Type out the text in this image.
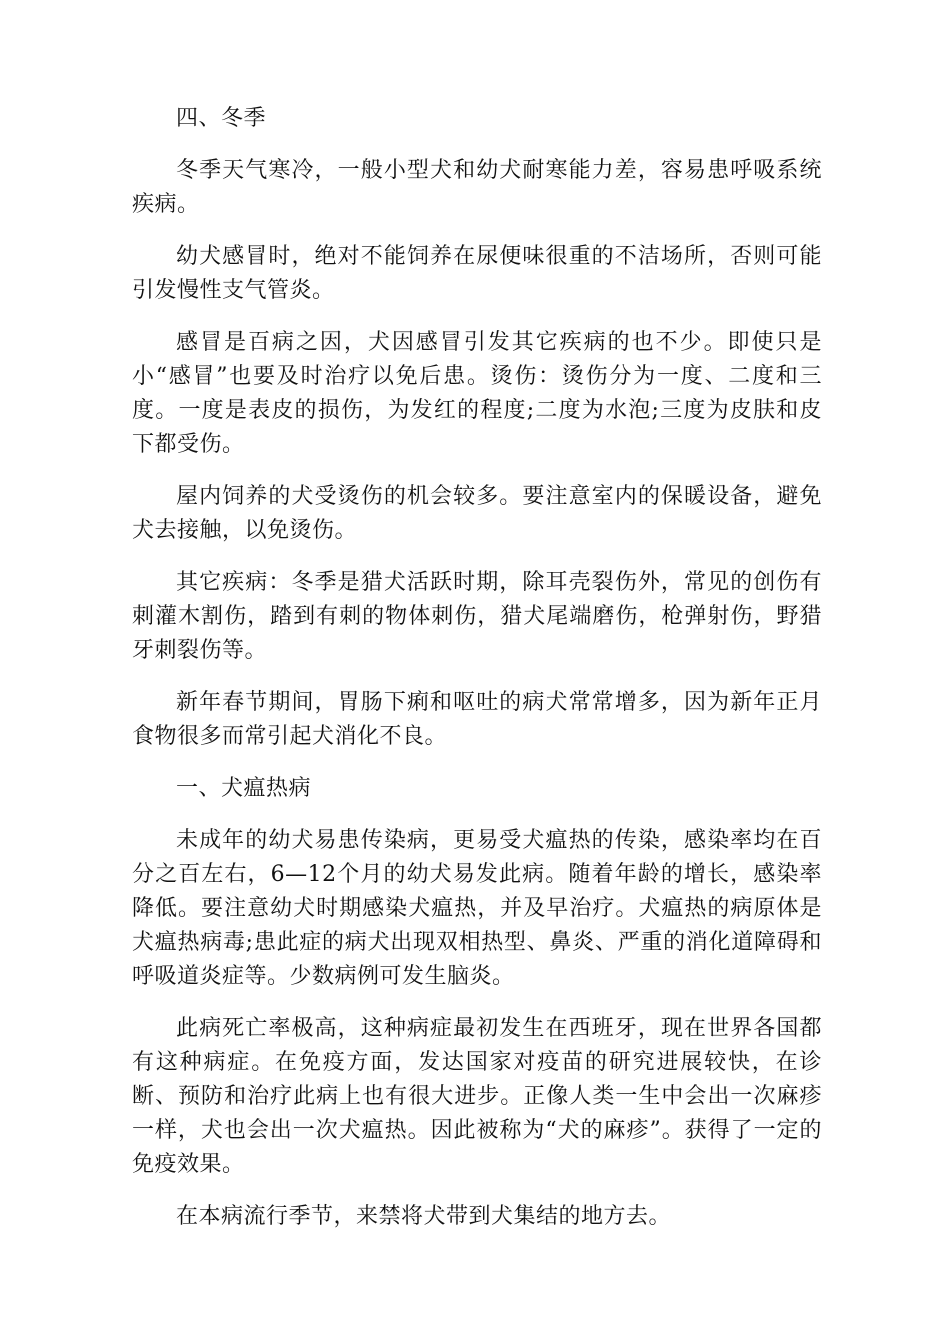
四、冬季

冬季天气寒冷，一般小型犬和幼犬耐寒能力差，容易患呼吸系统疾病。

幼犬感冒时，绝对不能饲养在尿便味很重的不洁场所，否则可能引发慢性支气管炎。

感冒是百病之因，犬因感冒引发其它疾病的也不少。即使只是小“感冒”也要及时治疗以免后患。烫伤：烫伤分为一度、二度和三度。一度是表皮的损伤，为发红的程度;二度为水泡;三度为皮肤和皮下都受伤。

屋内饲养的犬受烫伤的机会较多。要注意室内的保暖设备，避免犬去接触，以免烫伤。

其它疾病：冬季是猎犬活跃时期，除耳壳裂伤外，常见的创伤有刺灌木割伤，踏到有刺的物体刺伤，猎犬尾端磨伤，枪弹射伤，野猎牙刺裂伤等。

新年春节期间，胃肠下痢和呕吐的病犬常常增多，因为新年正月食物很多而常引起犬消化不良。

一、犬瘟热病

未成年的幼犬易患传染病，更易受犬瘟热的传染，感染率均在百分之百左右，6—12个月的幼犬易发此病。随着年龄的增长，感染率降低。要注意幼犬时期感染犬瘟热，并及早治疗。犬瘟热的病原体是犬瘟热病毒;患此症的病犬出现双相热型、鼻炎、严重的消化道障碍和呼吸道炎症等。少数病例可发生脑炎。

此病死亡率极高，这种病症最初发生在西班牙，现在世界各国都有这种病症。在免疫方面，发达国家对疫苗的研究进展较快，在诊断、预防和治疗此病上也有很大进步。正像人类一生中会出一次麻疹一样，犬也会出一次犬瘟热。因此被称为“犬的麻疹”。获得了一定的免疫效果。

在本病流行季节，来禁将犬带到犬集结的地方去。
